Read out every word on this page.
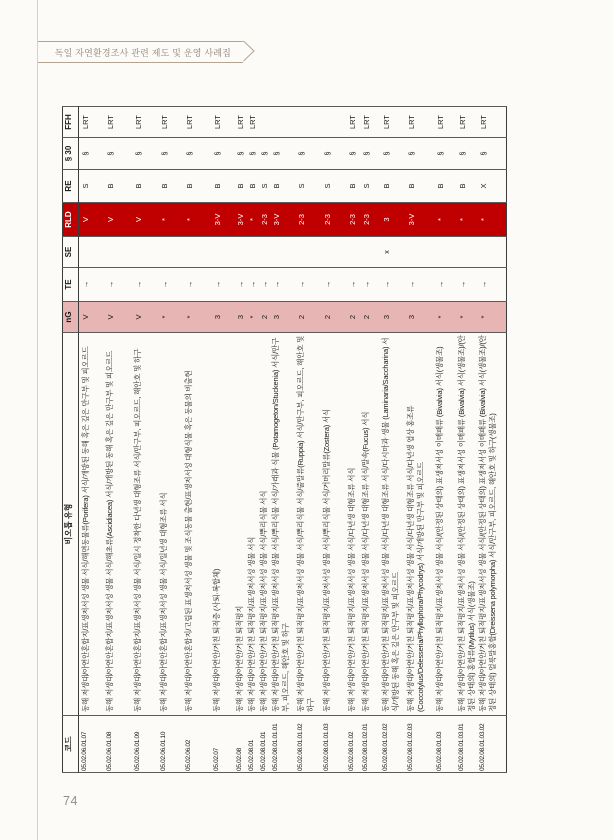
독일 자연환경조사 관련 제도 및 운영 사례집
코드	비오톱 유형	nG	TE	SE	RLD	RE	§ 30	FFH
05.02.06.01.07	동해 저생대/아연안혼합지/표생저서성 생물 서식/해면동물류(Porifera) 서식/개방된 동해 혹은 깊은 만구부 및 피오르드	V	→		V	S	§	LRT
05.02.06.01.08	동해 저생대/아연안혼합지/표생저서성 생물 서식/해초류(Ascidiacea) 서식/개방된 동해 혹은 깊은 만구부 및 피오르드	V	→		V	B	§	LRT
05.02.06.01.09	동해 저생대/아연안혼합지/표생저서성 생물 서식/일시 정착한 다년생 대형조류 서식/만구부, 피오르드, 해안호 및 하구	V	→		V	B	§	LRT
05.02.06.01.10	동해 저생대/아연안혼합지/표생저서성 생물 서식/일년생 대형조류 서식	*	→		*	B	§	LRT
05.02.06.02	동해 저생대/아연안혼합지/고립된 표생저서성 생물 및 조식동물 출현/표생저서성 대형식물 혹은 동물의 비출현	*	→		*	B	§	LRT
05.02.07	동해 저생대/아연안/거친 퇴적층 (사퇴·복합체)	3	→		3-V	B	§	LRT
05.02.08	동해 저생대/아연안/거친 퇴적평지	3	→		3-V	B	§	LRT
05.02.08.01	동해 저생대/아연안/거친 퇴적평지/표생저서성 생물 서식	*	→		*	B	§	LRT
05.02.08.01.01	동해 저생대/아연안/거친 퇴적평지/표생저서성 생물 서식/뿌리식물 서식	2	→		2-3	S	§	
05.02.08.01.01.01	동해 저생대/아연안/거친 퇴적평지/표생저서성 생물 서식/뿌리식물 서식/가래과 식물 (Potamogeton/Stuckenia) 서식/만구부, 피오르드, 해안호 및 하구	3	→		3-V	B	§	
05.02.08.01.01.02	동해 저생대/아연안/거친 퇴적평지/표생저서성 생물 서식/뿌리식물 서식/줄말류(Ruppia) 서식/만구부, 피오르드, 해안호 및 하구	2	→		2-3	S	§	
05.02.08.01.01.03	동해 저생대/아연안/거친 퇴적평지/표생저서성 생물 서식/뿌리식물 서식/거머리말류(Zostera) 서식	2	→		2-3	S	§	
05.02.08.01.02	동해 저생대/아연안/거친 퇴적평지/표생저서성 생물 서식/다년생 대형조류 서식	2	→		2-3	B	§	LRT
05.02.08.01.02.01	동해 저생대/아연안/거친 퇴적평지/표생저서성 생물 서식/다년생 대형조류 서식/말속(Fucus) 서식	2	→		2-3	S	§	LRT
05.02.08.01.02.02	동해 저생대/아연안/거친 퇴적평지/표생저서성 생물 서식/다년생 대형조류 서식/다시마과 생물 (Laminaria/Saccharina) 서식/개방된 동해 혹은 깊은 만구부 및 피오르드	3	→	x	3	B	§	LRT
05.02.08.01.02.03	동해 저생대/아연안/거친 퇴적평지/표생저서성 생물 서식/다년생 대형조류 서식/다년생 엽상 홍조류(Coccotylus/Delesseria/Phyllophora/Phycodrys) 서식/개방된 만구부 및 피오르드	3	→		3-V	B	§	LRT
05.02.08.01.03	동해 저생대/아연안/거친 퇴적평지/표생저서성 생물 서식/(안정된 상태의) 표생저서성 이매패류 (Bivalvia) 서식(생물조)	*	→		*	B	§	LRT
05.02.08.01.03.01	동해 저생대/아연안/거친 퇴적평지/표생저서성 생물 서식/(안정된 상태의) 표생저서성 이매패류 (Bivalvia) 서식(생물조)/(안정된 상태의) 홍합류(Mytilus) 서식(생물조)	*	→		*	B	§	LRT
05.02.08.01.03.02	동해 저생대/아연안/거친 퇴적평지/표생저서성 생물 서식/(안정된 상태의) 표생저서성 이매패류 (Bivalvia) 서식(생물조)/(안정된 상태의) 얼룩말홍합(Dreissena polymorpha) 서식/만구부, 피오르드, 해안호 및 하구(생물조)	*	→		*	X	§	LRT
74
